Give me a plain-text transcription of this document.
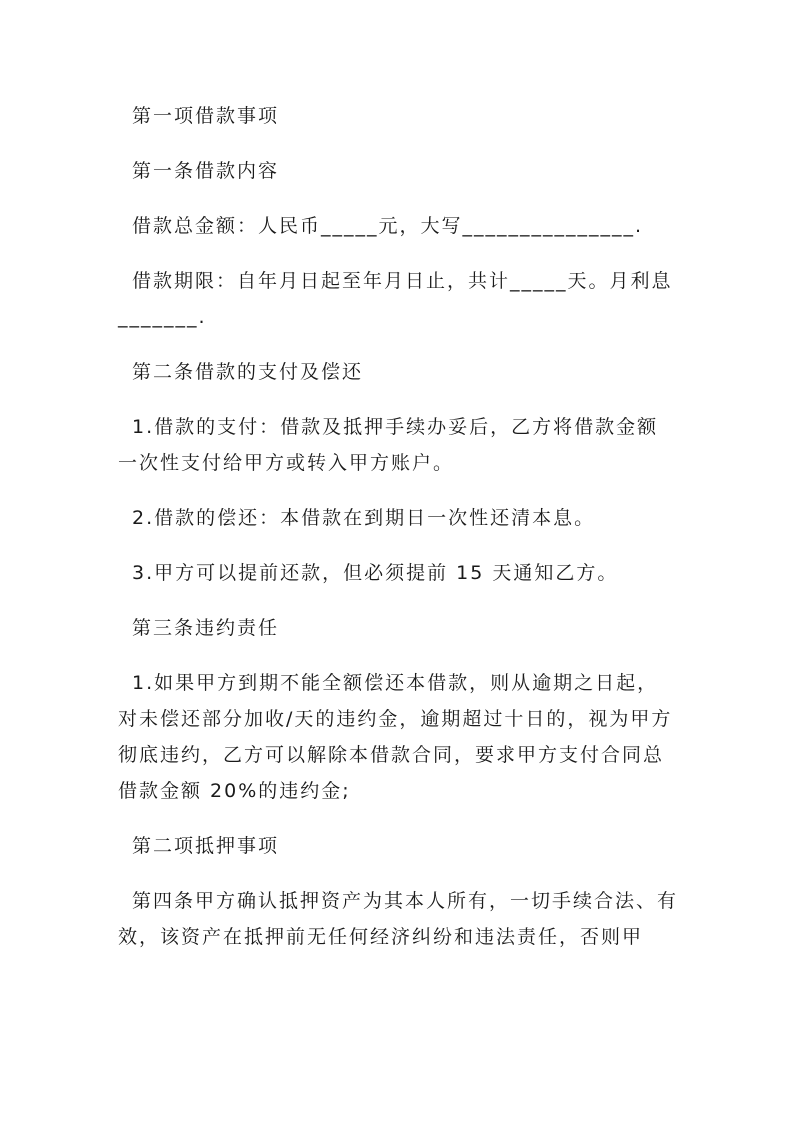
第一项借款事项

第一条借款内容

借款总金额：人民币_____元，大写_______________.

借款期限：自年月日起至年月日止，共计_____天。月利息_______.

第二条借款的支付及偿还

1.借款的支付：借款及抵押手续办妥后，乙方将借款金额一次性支付给甲方或转入甲方账户。

2.借款的偿还：本借款在到期日一次性还清本息。

3.甲方可以提前还款，但必须提前 15 天通知乙方。

第三条违约责任

1.如果甲方到期不能全额偿还本借款，则从逾期之日起，对未偿还部分加收/天的违约金，逾期超过十日的，视为甲方彻底违约，乙方可以解除本借款合同，要求甲方支付合同总借款金额 20%的违约金;

第二项抵押事项

第四条甲方确认抵押资产为其本人所有，一切手续合法、有效，该资产在抵押前无任何经济纠纷和违法责任，否则甲
